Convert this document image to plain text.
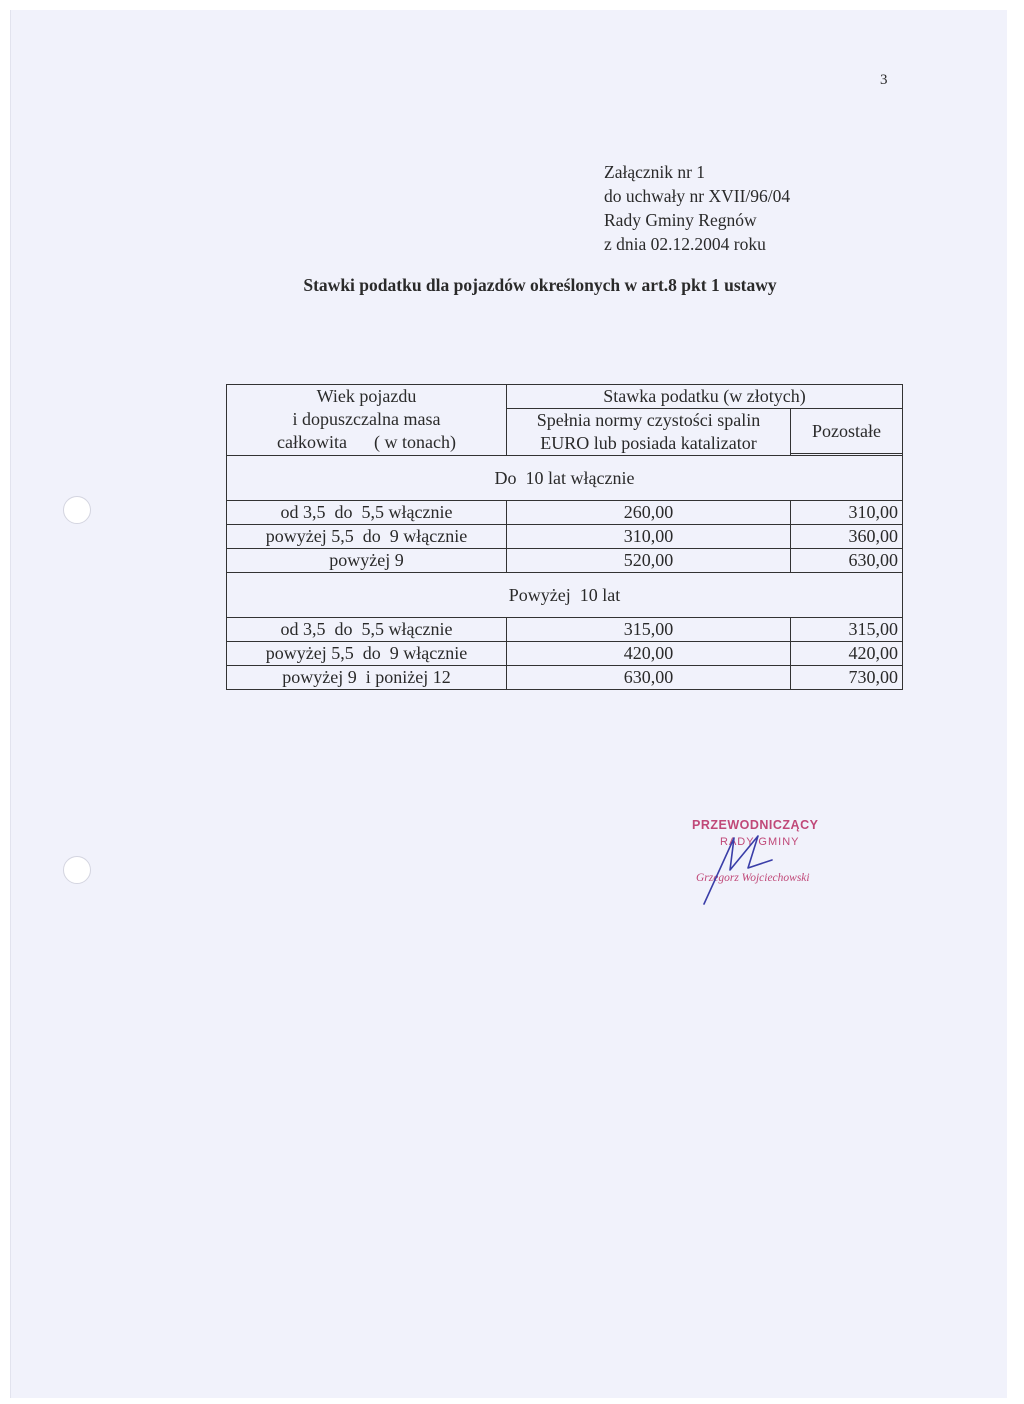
3
Załącznik nr 1
do uchwały nr XVII/96/04
Rady Gminy Regnów
z dnia 02.12.2004 roku
Stawki podatku dla pojazdów określonych w art.8 pkt 1 ustawy
Wiek pojazdu
i dopuszczalna masa
całkowita      ( w tonach)	Stawka podatku (w złotych)	

	Spełnia normy czystości spalin
EURO lub posiada katalizator	Pozostałe

Do  10 lat włącznie		
od 3,5  do  5,5 włącznie	260,00	310,00
powyżej 5,5  do  9 włącznie	310,00	360,00
powyżej 9	520,00	630,00
Powyżej  10 lat		
od 3,5  do  5,5 włącznie	315,00	315,00
powyżej 5,5  do  9 włącznie	420,00	420,00
powyżej 9  i poniżej 12	630,00	730,00
PRZEWODNICZĄCY
RADY GMINY
Grzegorz Wojciechowski
